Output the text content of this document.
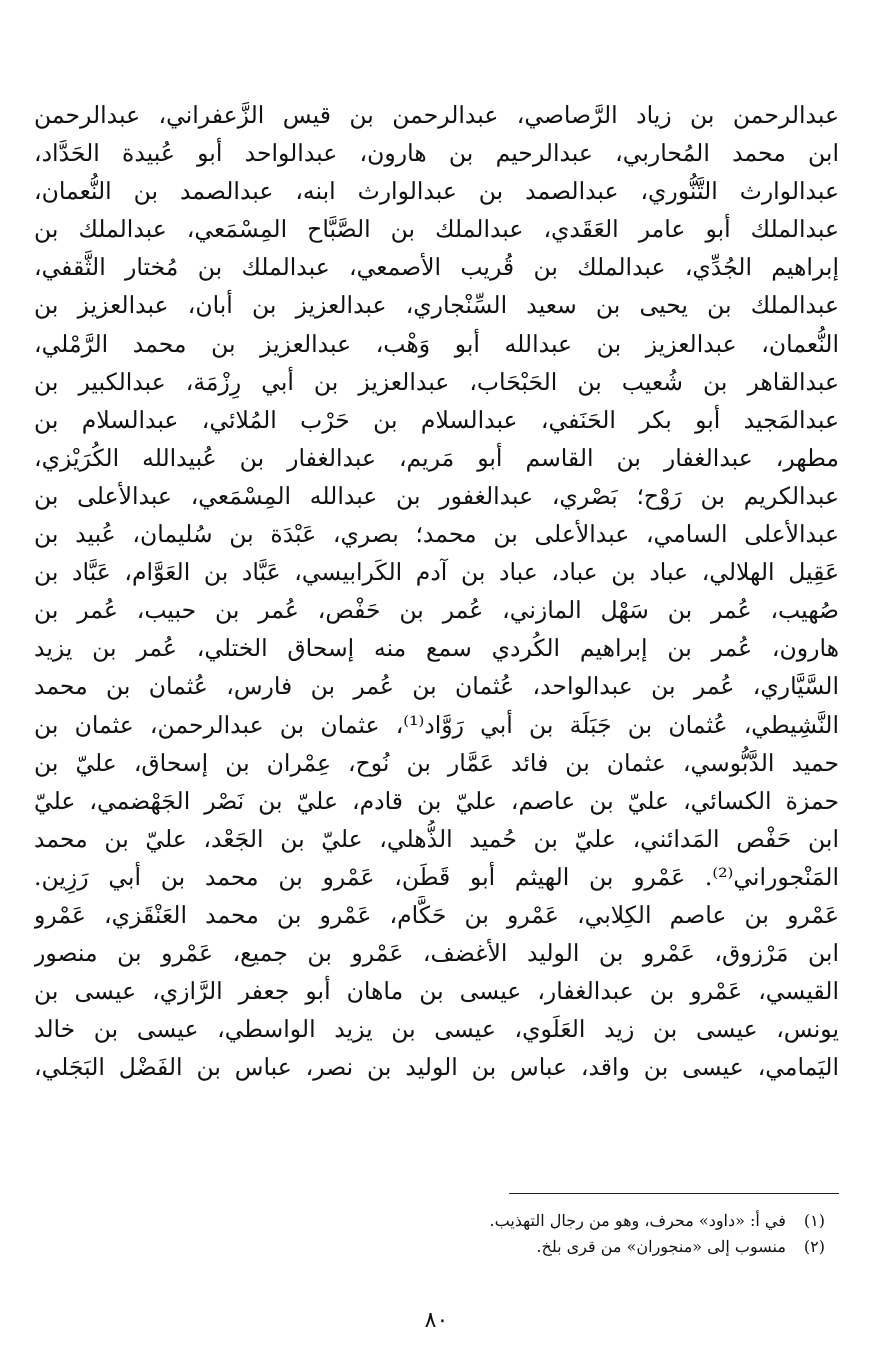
عبدالرحمن بن زياد الرَّصاصي، عبدالرحمن بن قيس الزَّعفراني، عبدالرحمن
ابن محمد المُحاربي، عبدالرحيم بن هارون، عبدالواحد أبو عُبيدة الحَدَّاد،
عبدالوارث التَّنُّوري، عبدالصمد بن عبدالوارث ابنه، عبدالصمد بن النُّعمان،
عبدالملك أبو عامر العَقَدي، عبدالملك بن الصَّبَّاح المِسْمَعي، عبدالملك بن
إبراهيم الجُدِّي، عبدالملك بن قُريب الأصمعي، عبدالملك بن مُختار الثَّقفي،
عبدالملك بن يحيى بن سعيد السِّنْجاري، عبدالعزيز بن أبان، عبدالعزيز بن
النُّعمان، عبدالعزيز بن عبدالله أبو وَهْب، عبدالعزيز بن محمد الرَّمْلي،
عبدالقاهر بن شُعيب بن الحَبْحَاب، عبدالعزيز بن أبي رِزْمَة، عبدالكبير بن
عبدالمَجيد أبو بكر الحَنَفي، عبدالسلام بن حَرْب المُلائي، عبدالسلام بن
مطهر، عبدالغفار بن القاسم أبو مَريم، عبدالغفار بن عُبيدالله الكُرَيْزي،
عبدالكريم بن رَوْح؛ بَصْري، عبدالغفور بن عبدالله المِسْمَعي، عبدالأعلى بن
عبدالأعلى السامي، عبدالأعلى بن محمد؛ بصري، عَبْدَة بن سُليمان، عُبيد بن
عَقِيل الهلالي، عباد بن عباد، عباد بن آدم الكَرابيسي، عَبَّاد بن العَوَّام، عَبَّاد بن
صُهيب، عُمر بن سَهْل المازني، عُمر بن حَفْص، عُمر بن حبيب، عُمر بن
هارون، عُمر بن إبراهيم الكُردي سمع منه إسحاق الختلي، عُمر بن يزيد
السَّيَّاري، عُمر بن عبدالواحد، عُثمان بن عُمر بن فارس، عُثمان بن محمد
النَّشِيطي، عُثمان بن جَبَلَة بن أبي رَوَّاد⁽¹⁾، عثمان بن عبدالرحمن، عثمان بن
حميد الدَّبُّوسي، عثمان بن فائد عَمَّار بن نُوح، عِمْران بن إسحاق، عليّ بن
حمزة الكسائي، عليّ بن عاصم، عليّ بن قادم، عليّ بن نَصْر الجَهْضمي، عليّ
ابن حَفْص المَدائني، عليّ بن حُميد الذُّهلي، عليّ بن الجَعْد، عليّ بن محمد
المَنْجوراني⁽²⁾. عَمْرو بن الهيثم أبو قَطَن، عَمْرو بن محمد بن أبي رَزِين.
عَمْرو بن عاصم الكِلابي، عَمْرو بن حَكَّام، عَمْرو بن محمد العَنْقَزي، عَمْرو
ابن مَرْزوق، عَمْرو بن الوليد الأغضف، عَمْرو بن جميع، عَمْرو بن منصور
القيسي، عَمْرو بن عبدالغفار، عيسى بن ماهان أبو جعفر الرَّازي، عيسى بن
يونس، عيسى بن زيد العَلَوي، عيسى بن يزيد الواسطي، عيسى بن خالد
اليَمامي، عيسى بن واقد، عباس بن الوليد بن نصر، عباس بن الفَضْل البَجَلي،
(١) في أ: «داود» محرف، وهو من رجال التهذيب.
(٢) منسوب إلى «منجوران» من قرى بلخ.
٨٠
